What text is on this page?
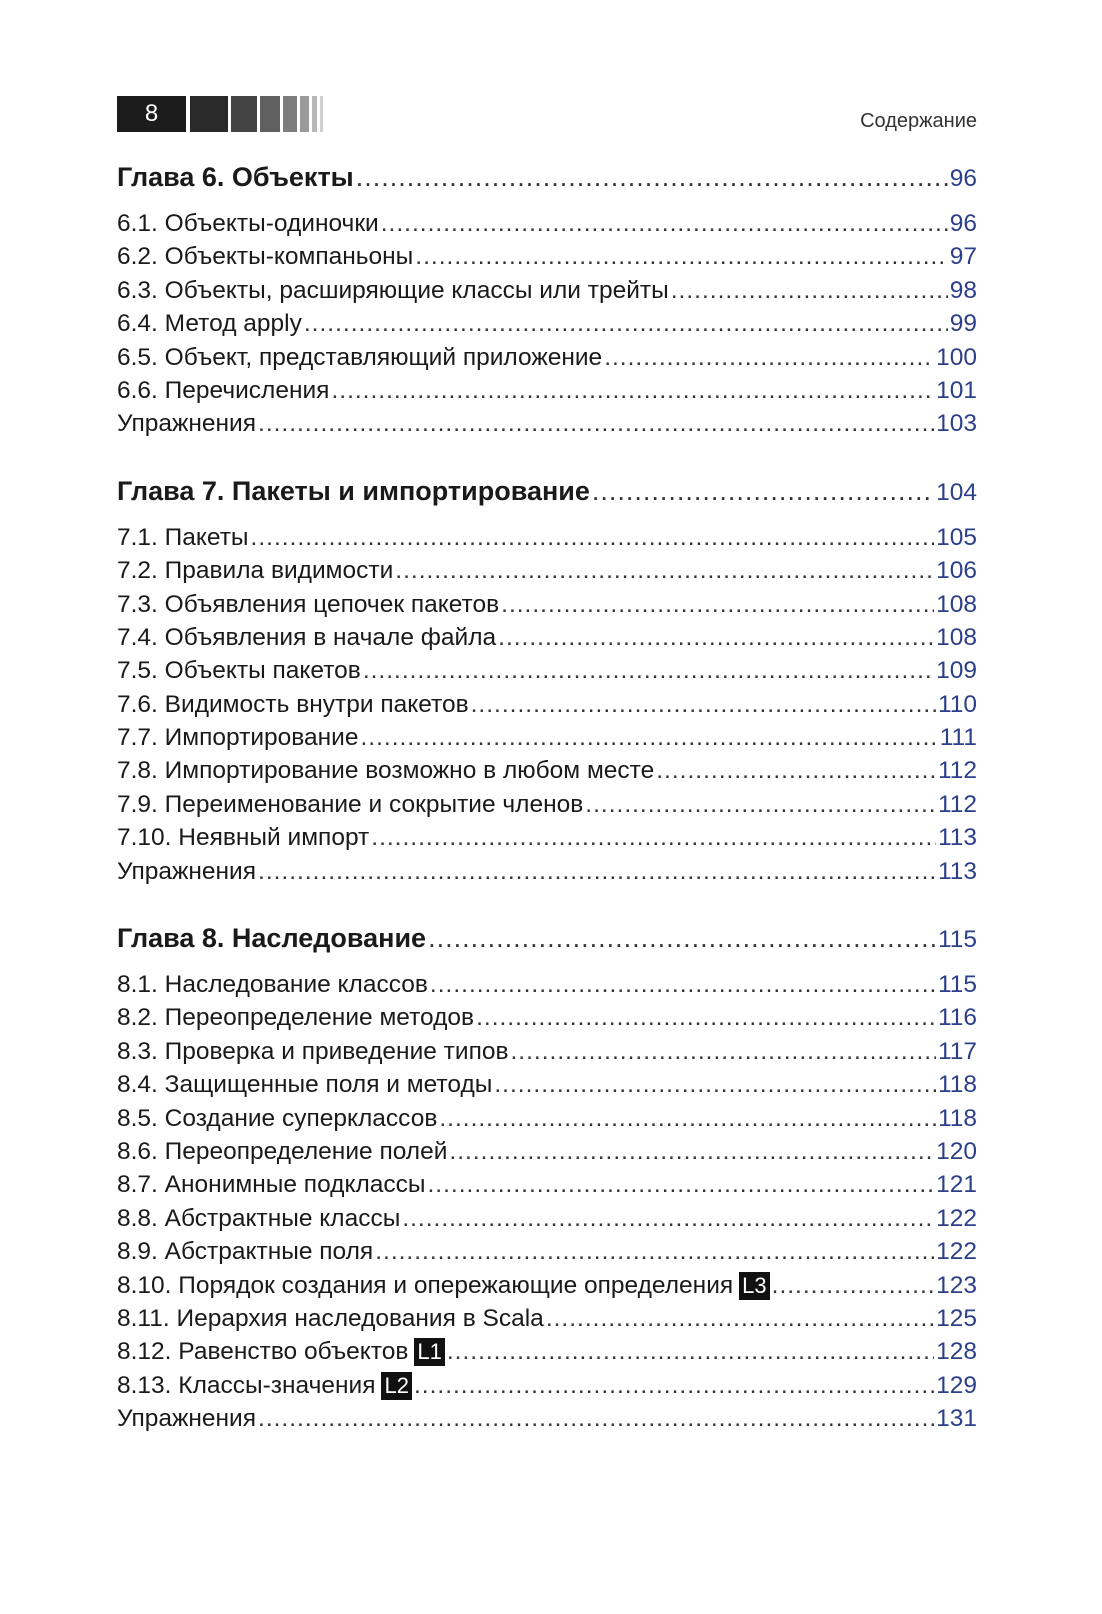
8	Содержание
Глава 6. Объекты .....	96
6.1. Объекты-одиночки .....	96
6.2. Объекты-компаньоны .....	97
6.3. Объекты, расширяющие классы или трейты .....	98
6.4. Метод apply .....	99
6.5. Объект, представляющий приложение .....	100
6.6. Перечисления .....	101
Упражнения .....	103
Глава 7. Пакеты и импортирование .....	104
7.1. Пакеты .....	105
7.2. Правила видимости .....	106
7.3. Объявления цепочек пакетов .....	108
7.4. Объявления в начале файла .....	108
7.5. Объекты пакетов .....	109
7.6. Видимость внутри пакетов .....	110
7.7. Импортирование .....	111
7.8. Импортирование возможно в любом месте .....	112
7.9. Переименование и сокрытие членов .....	112
7.10. Неявный импорт .....	113
Упражнения .....	113
Глава 8. Наследование .....	115
8.1. Наследование классов .....	115
8.2. Переопределение методов .....	116
8.3. Проверка и приведение типов .....	117
8.4. Защищенные поля и методы .....	118
8.5. Создание суперклассов .....	118
8.6. Переопределение полей .....	120
8.7. Анонимные подклассы .....	121
8.8. Абстрактные классы .....	122
8.9. Абстрактные поля .....	122
8.10. Порядок создания и опережающие определения L3 .....	123
8.11. Иерархия наследования в Scala .....	125
8.12. Равенство объектов L1 .....	128
8.13. Классы-значения L2 .....	129
Упражнения .....	131
